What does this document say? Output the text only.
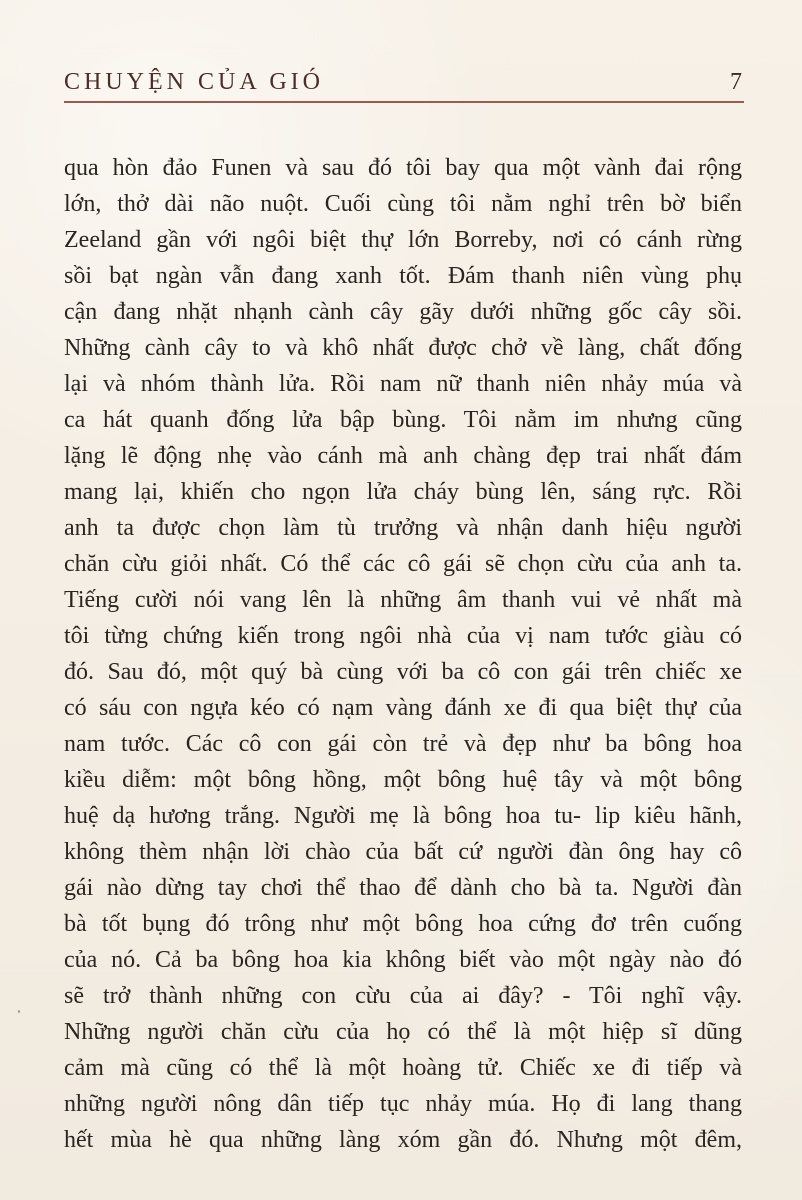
CHUYỆN CỦA GIÓ	7
qua hòn đảo Funen và sau đó tôi bay qua một vành đai rộng
lớn, thở dài não nuột. Cuối cùng tôi nằm nghỉ trên bờ biển
Zeeland gần với ngôi biệt thự lớn Borreby, nơi có cánh rừng
sồi bạt ngàn vẫn đang xanh tốt. Đám thanh niên vùng phụ
cận đang nhặt nhạnh cành cây gãy dưới những gốc cây sồi.
Những cành cây to và khô nhất được chở về làng, chất đống
lại và nhóm thành lửa. Rồi nam nữ thanh niên nhảy múa và
ca hát quanh đống lửa bập bùng. Tôi nằm im nhưng cũng
lặng lẽ động nhẹ vào cánh mà anh chàng đẹp trai nhất đám
mang lại, khiến cho ngọn lửa cháy bùng lên, sáng rực. Rồi
anh ta được chọn làm tù trưởng và nhận danh hiệu người
chăn cừu giỏi nhất. Có thể các cô gái sẽ chọn cừu của anh ta.
Tiếng cười nói vang lên là những âm thanh vui vẻ nhất mà
tôi từng chứng kiến trong ngôi nhà của vị nam tước giàu có
đó. Sau đó, một quý bà cùng với ba cô con gái trên chiếc xe
có sáu con ngựa kéo có nạm vàng đánh xe đi qua biệt thự của
nam tước. Các cô con gái còn trẻ và đẹp như ba bông hoa
kiều diễm: một bông hồng, một bông huệ tây và một bông
huệ dạ hương trắng. Người mẹ là bông hoa tu- lip kiêu hãnh,
không thèm nhận lời chào của bất cứ người đàn ông hay cô
gái nào dừng tay chơi thể thao để dành cho bà ta. Người đàn
bà tốt bụng đó trông như một bông hoa cứng đơ trên cuống
của nó. Cả ba bông hoa kia không biết vào một ngày nào đó
sẽ trở thành những con cừu của ai đây? - Tôi nghĩ vậy.
Những người chăn cừu của họ có thể là một hiệp sĩ dũng
cảm mà cũng có thể là một hoàng tử. Chiếc xe đi tiếp và
những người nông dân tiếp tục nhảy múa. Họ đi lang thang
hết mùa hè qua những làng xóm gần đó. Nhưng một đêm,
